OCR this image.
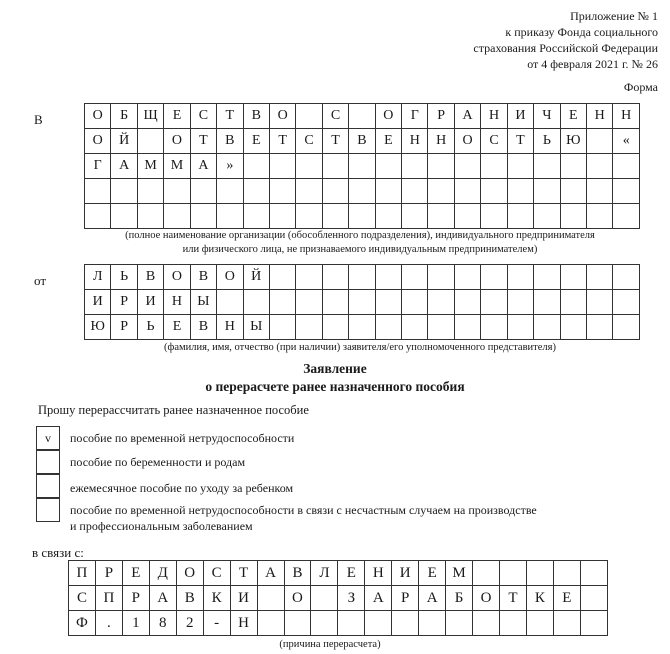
Приложение № 1
к приказу Фонда социального
страхования Российской Федерации
от 4 февраля 2021 г. № 26
Форма
В	О	Б	Щ	Е	С	Т	В	О		С		О	Г	Р	А	Н	И	Ч	Е	Н	Н
О	Й		О	Т	В	Е	Т	С	Т	В	Е	Н	Н	О	С	Т	Ь	Ю		«
Г	А	М	М	А	»															

(полное наименование организации (обособленного подразделения), индивидуального предпринимателя
или физического лица, не признаваемого индивидуальным предпринимателем)
от	Л	Ь	В	О	В	О	Й														
И	Р	И	Н	Ы																
Ю	Р	Ь	Е	В	Н	Ы														
(фамилия, имя, отчество (при наличии) заявителя/его уполномоченного представителя)
Заявление
о перерасчете ранее назначенного пособия
Прошу перерассчитать ранее назначенное пособие
v	пособие по временной нетрудоспособности
пособие по беременности и родам
ежемесячное пособие по уходу за ребенком
пособие по временной нетрудоспособности в связи с несчастным случаем на производстве
и профессиональным заболеванием
в связи с:
П	Р	Е	Д	О	С	Т	А	В	Л	Е	Н	И	Е	М					
С	П	Р	А	В	К	И		О		З	А	Р	А	Б	О	Т	К	Е	
Ф	.	1	8	2	-	Н													
(причина перерасчета)
